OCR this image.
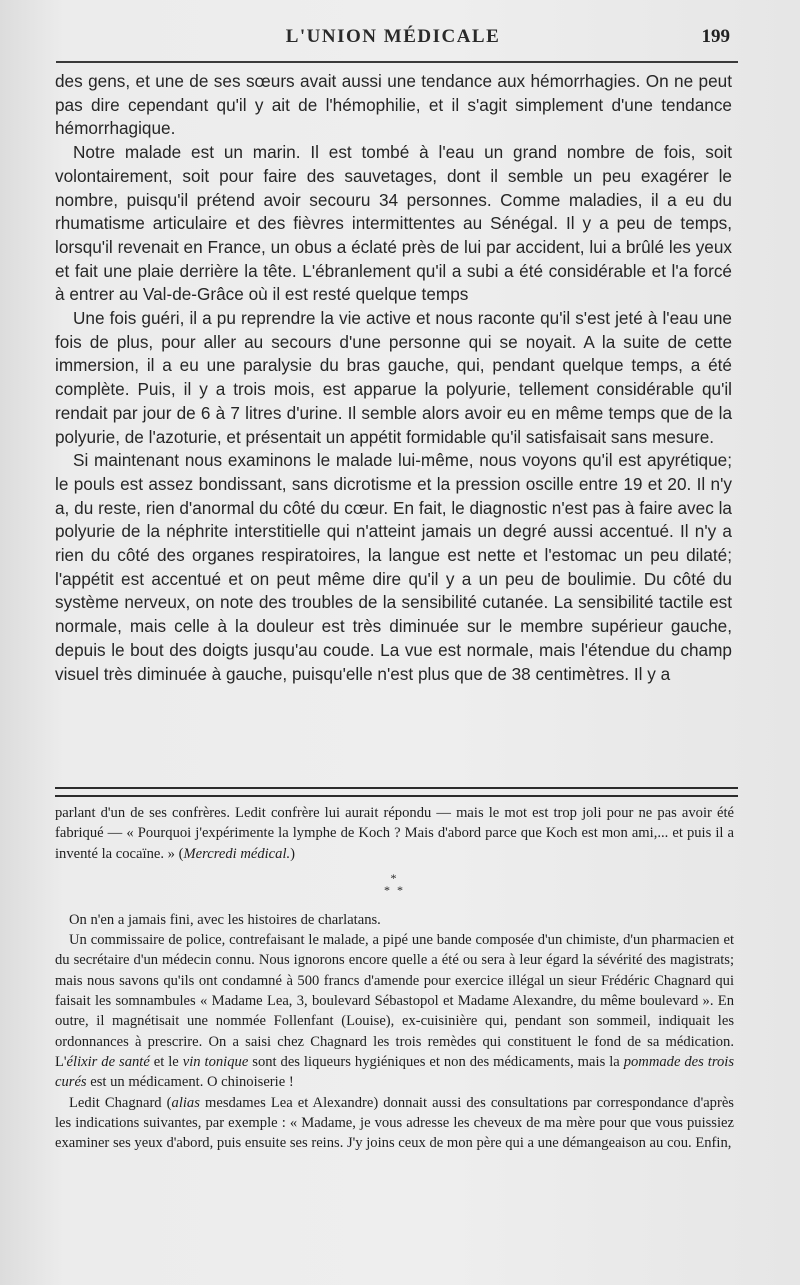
L'UNION MÉDICALE	199

des gens, et une de ses sœurs avait aussi une tendance aux hémorrhagies. On ne peut pas dire cependant qu'il y ait de l'hémophilie, et il s'agit simplement d'une tendance hémorrhagique.

Notre malade est un marin. Il est tombé à l'eau un grand nombre de fois, soit volontairement, soit pour faire des sauvetages, dont il semble un peu exagérer le nombre, puisqu'il prétend avoir secouru 34 personnes. Comme maladies, il a eu du rhumatisme articulaire et des fièvres intermittentes au Sénégal. Il y a peu de temps, lorsqu'il revenait en France, un obus a éclaté près de lui par accident, lui a brûlé les yeux et fait une plaie derrière la tête. L'ébranlement qu'il a subi a été considérable et l'a forcé à entrer au Val-de-Grâce où il est resté quelque temps

Une fois guéri, il a pu reprendre la vie active et nous raconte qu'il s'est jeté à l'eau une fois de plus, pour aller au secours d'une personne qui se noyait. A la suite de cette immersion, il a eu une paralysie du bras gauche, qui, pendant quelque temps, a été complète. Puis, il y a trois mois, est apparue la polyurie, tellement considérable qu'il rendait par jour de 6 à 7 litres d'urine. Il semble alors avoir eu en même temps que de la polyurie, de l'azoturie, et présentait un appétit formidable qu'il satisfaisait sans mesure.

Si maintenant nous examinons le malade lui-même, nous voyons qu'il est apyrétique; le pouls est assez bondissant, sans dicrotisme et la pression oscille entre 19 et 20. Il n'y a, du reste, rien d'anormal du côté du cœur. En fait, le diagnostic n'est pas à faire avec la polyurie de la néphrite interstitielle qui n'atteint jamais un degré aussi accentué. Il n'y a rien du côté des organes respiratoires, la langue est nette et l'estomac un peu dilaté; l'appétit est accentué et on peut même dire qu'il y a un peu de boulimie. Du côté du système nerveux, on note des troubles de la sensibilité cutanée. La sensibilité tactile est normale, mais celle à la douleur est très diminuée sur le membre supérieur gauche, depuis le bout des doigts jusqu'au coude. La vue est normale, mais l'étendue du champ visuel très diminuée à gauche, puisqu'elle n'est plus que de 38 centimètres. Il y a

parlant d'un de ses confrères. Ledit confrère lui aurait répondu — mais le mot est trop joli pour ne pas avoir été fabriqué — « Pourquoi j'expérimente la lymphe de Koch ? Mais d'abord parce que Koch est mon ami,... et puis il a inventé la cocaïne. » (Mercredi médical.)

*
* *

On n'en a jamais fini, avec les histoires de charlatans.

Un commissaire de police, contrefaisant le malade, a pipé une bande composée d'un chimiste, d'un pharmacien et du secrétaire d'un médecin connu. Nous ignorons encore quelle a été ou sera à leur égard la sévérité des magistrats; mais nous savons qu'ils ont condamné à 500 francs d'amende pour exercice illégal un sieur Frédéric Chagnard qui faisait les somnambules « Madame Lea, 3, boulevard Sébastopol et Madame Alexandre, du même boulevard ». En outre, il magnétisait une nommée Follenfant (Louise), ex-cuisinière qui, pendant son sommeil, indiquait les ordonnances à prescrire. On a saisi chez Chagnard les trois remèdes qui constituent le fond de sa médication. L'élixir de santé et le vin tonique sont des liqueurs hygiéniques et non des médicaments, mais la pommade des trois curés est un médicament. O chinoiserie !

Ledit Chagnard (alias mesdames Lea et Alexandre) donnait aussi des consultations par correspondance d'après les indications suivantes, par exemple : « Madame, je vous adresse les cheveux de ma mère pour que vous puissiez examiner ses yeux d'abord, puis ensuite ses reins. J'y joins ceux de mon père qui a une démangeaison au cou. Enfin,
